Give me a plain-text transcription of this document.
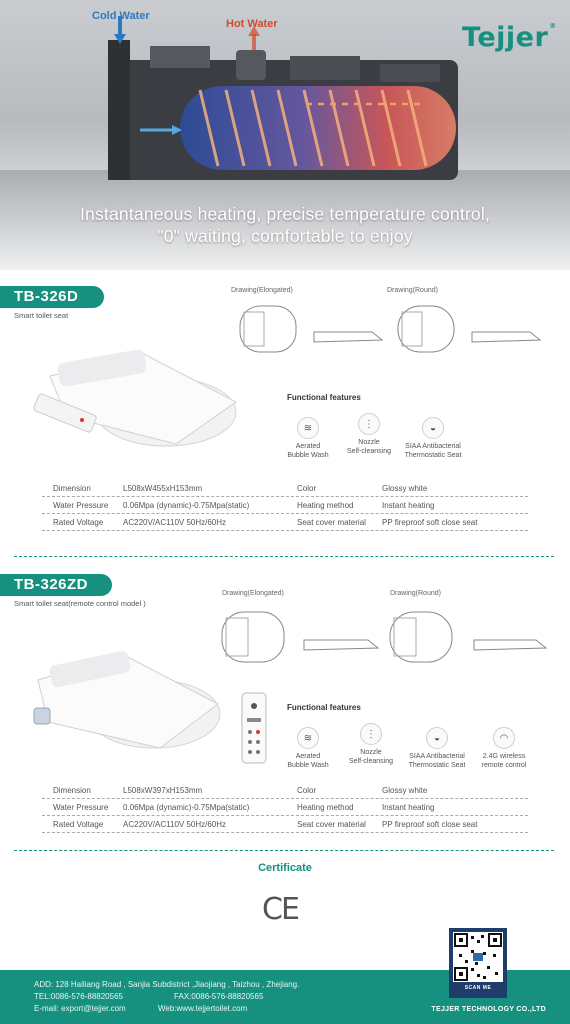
Cold Water
Hot Water	Tejjer®
Instantaneous heating, precise temperature control,
"0" waiting, comfortable to enjoy
TB-326D
Smart toilet seat
Drawing(Elongated)	Drawing(Round)
Functional features
≋
Aerated
Bubble Wash
⋮
Nozzle
Self-cleansing
◒
SIAA Antibacterial
Thermostatic Seat
Dimension	L508xW455xH153mm	Color	Glossy white
Water Pressure 0.06Mpa (dynamic)-0.75Mpa(static)	Heating method	Instant heating
Rated Voltage AC220V/AC110V 50Hz/60Hz	Seat cover material PP fireproof soft close seat
TB-326ZD
Smart toilet seat(remote control model )
Drawing(Elongated)	Drawing(Round)
Functional features
≋
Aerated
Bubble Wash
⋮
Nozzle
Self-cleansing
◒
SIAA Antibacterial
Thermostatic Seat
◠
2.4G wireless
remote control
Dimension	L508xW397xH153mm	Color	Glossy white
Water Pressure 0.06Mpa (dynamic)-0.75Mpa(static)	Heating method	Instant heating
Rated Voltage AC220V/AC110V 50Hz/60Hz	Seat cover material PP fireproof soft close seat
Certificate
CE
ADD: 128 Hailiang Road , Sanjia Subdistrict ,Jiaojiang , Taizhou , Zhejiang.
TEL:0086-576-88820565	FAX:0086-576-88820565
E-mail: export@tejjer.com	Web:www.tejjertoilet.com
SCAN ME
TEJJER TECHNOLOGY CO.,LTD
